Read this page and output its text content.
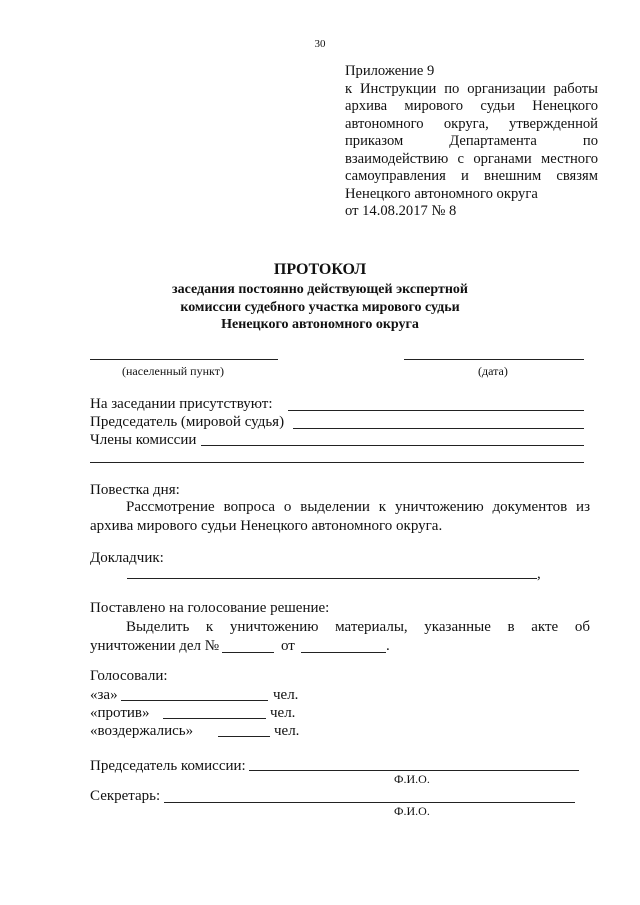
30
Приложение 9
к Инструкции по организации работы
архива мирового судьи Ненецкого
автономного округа, утвержденной
приказом Департамента по
взаимодействию с органами местного
самоуправления и внешним связям
Ненецкого автономного округа
от 14.08.2017 № 8
ПРОТОКОЛ
заседания постоянно действующей экспертной
комиссии судебного участка мирового судьи
Ненецкого автономного округа
(населенный пункт)	(дата)
На заседании присутствуют:
Председатель (мировой судья)
Члены комиссии
Повестка дня:
Рассмотрение вопроса о выделении к уничтожению документов из
архива мирового судьи Ненецкого автономного округа.
Докладчик:
,
Поставлено на голосование решение:
Выделить к уничтожению материалы, указанные в акте об
уничтожении дел №	от	.
Голосовали:
«за»	чел.
«против»	чел.
«воздержались»	чел.
Председатель комиссии:
Ф.И.О.
Секретарь:
Ф.И.О.
